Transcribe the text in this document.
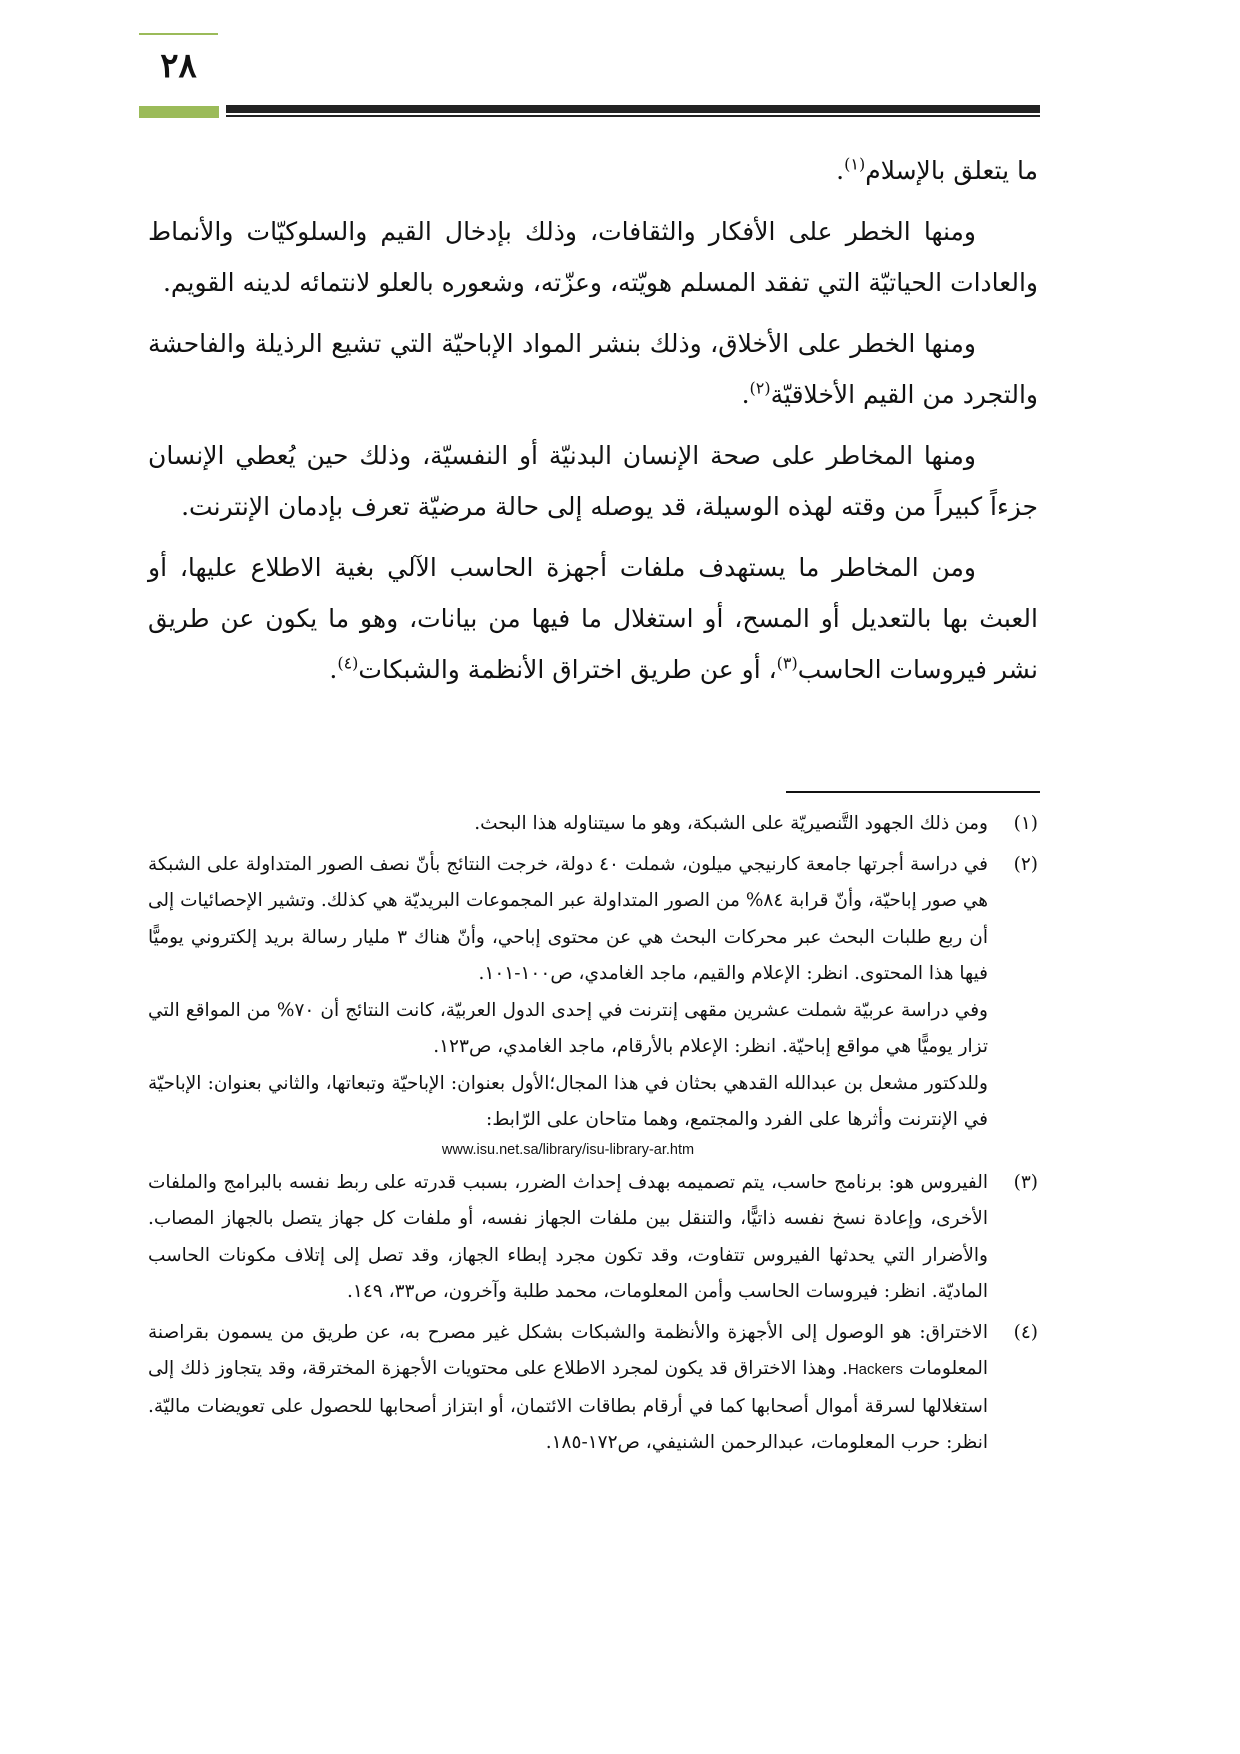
٢٨

ما يتعلق بالإسلام$^{(١)}$.

ومنها الخطر على الأفكار والثقافات، وذلك بإدخال القيم والسلوكيّات والأنماط والعادات الحياتيّة التي تفقد المسلم هويّته، وعزّته، وشعوره بالعلو لانتمائه لدينه القويم.

ومنها الخطر على الأخلاق، وذلك بنشر المواد الإباحيّة التي تشيع الرذيلة والفاحشة والتجرد من القيم الأخلاقيّة$^{(٢)}$.

ومنها المخاطر على صحة الإنسان البدنيّة أو النفسيّة، وذلك حين يُعطي الإنسان جزءاً كبيراً من وقته لهذه الوسيلة، قد يوصله إلى حالة مرضيّة تعرف بإدمان الإنترنت.

ومن المخاطر ما يستهدف ملفات أجهزة الحاسب الآلي بغية الاطلاع عليها، أو العبث بها بالتعديل أو المسح، أو استغلال ما فيها من بيانات، وهو ما يكون عن طريق نشر فيروسات الحاسب$^{(٣)}$، أو عن طريق اختراق الأنظمة والشبكات$^{(٤)}$.

(١)

ومن ذلك الجهود التَّنصيريّة على الشبكة، وهو ما سيتناوله هذا البحث.

(٢)

في دراسة أجرتها جامعة كارنيجي ميلون، شملت ٤٠ دولة، خرجت النتائج بأنّ نصف الصور المتداولة على الشبكة هي صور إباحيّة، وأنّ قرابة ٨٤% من الصور المتداولة عبر المجموعات البريديّة هي كذلك. وتشير الإحصائيات إلى أن ربع طلبات البحث عبر محركات البحث هي عن محتوى إباحي، وأنّ هناك ٣ مليار رسالة بريد إلكتروني يوميًّا فيها هذا المحتوى. انظر: الإعلام والقيم، ماجد الغامدي، ص١٠٠-١٠١.

وفي دراسة عربيّة شملت عشرين مقهى إنترنت في إحدى الدول العربيّة، كانت النتائج أن ٧٠% من المواقع التي تزار يوميًّا هي مواقع إباحيّة. انظر: الإعلام بالأرقام، ماجد الغامدي، ص١٢٣.

وللدكتور مشعل بن عبدالله القدهي بحثان في هذا المجال؛الأول بعنوان: الإباحيّة وتبعاتها، والثاني بعنوان: الإباحيّة في الإنترنت وأثرها على الفرد والمجتمع، وهما متاحان على الرّابط:

www.isu.net.sa/library/isu-library-ar.htm

(٣)

الفيروس هو: برنامج حاسب، يتم تصميمه بهدف إحداث الضرر، بسبب قدرته على ربط نفسه بالبرامج والملفات الأخرى، وإعادة نسخ نفسه ذاتيًّا، والتنقل بين ملفات الجهاز نفسه، أو ملفات كل جهاز يتصل بالجهاز المصاب. والأضرار التي يحدثها الفيروس تتفاوت، وقد تكون مجرد إبطاء الجهاز، وقد تصل إلى إتلاف مكونات الحاسب الماديّة. انظر: فيروسات الحاسب وأمن المعلومات، محمد طلبة وآخرون، ص٣٣، ١٤٩.

(٤)

الاختراق: هو الوصول إلى الأجهزة والأنظمة والشبكات بشكل غير مصرح به، عن طريق من يسمون بقراصنة المعلومات Hackers. وهذا الاختراق قد يكون لمجرد الاطلاع على محتويات الأجهزة المخترقة، وقد يتجاوز ذلك إلى استغلالها لسرقة أموال أصحابها كما في أرقام بطاقات الائتمان، أو ابتزاز أصحابها للحصول على تعويضات ماليّة. انظر: حرب المعلومات، عبدالرحمن الشنيفي، ص١٧٢-١٨٥.
